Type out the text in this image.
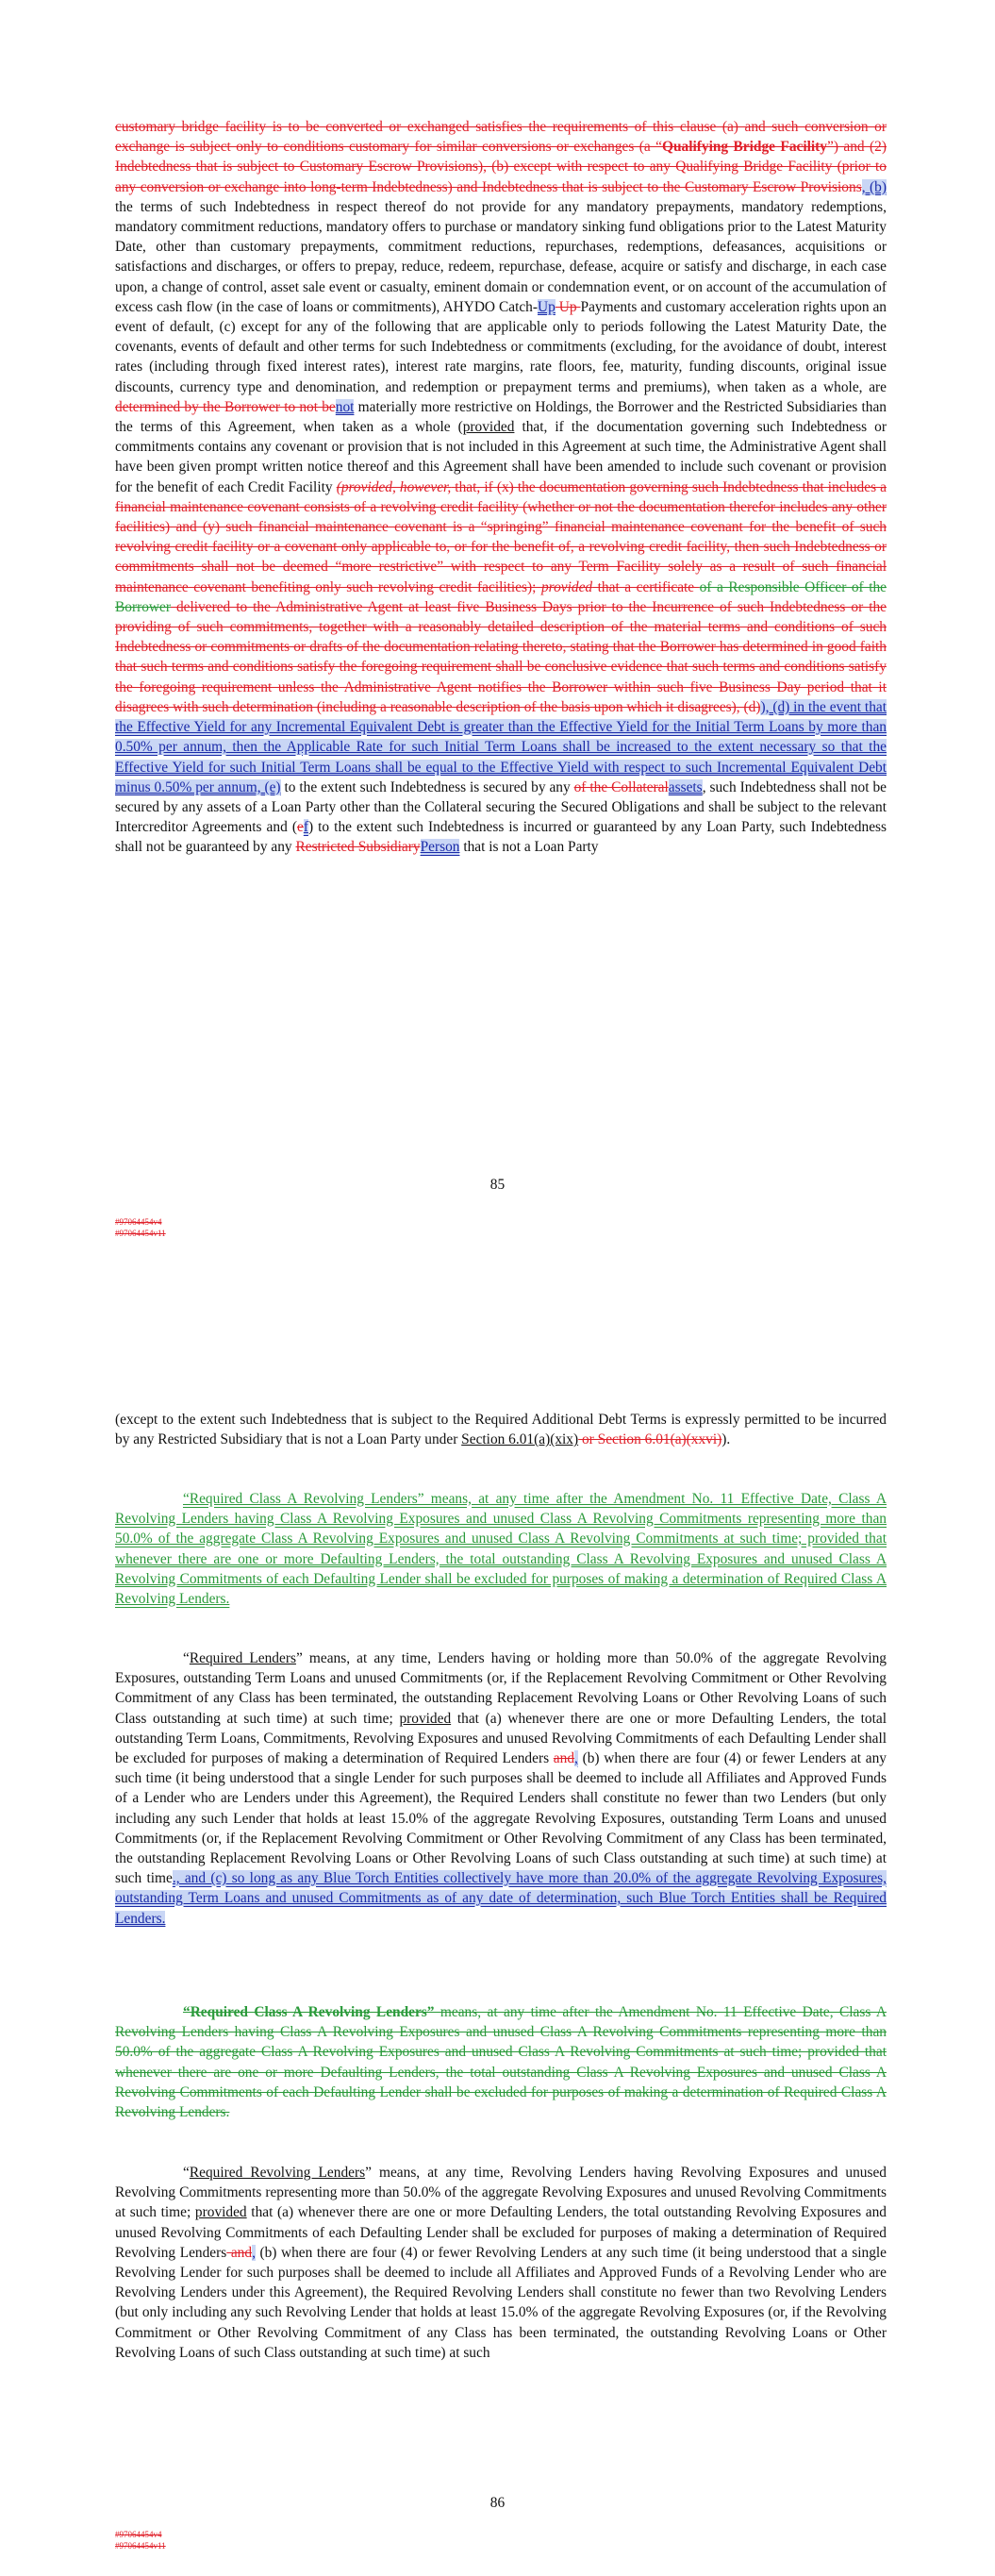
customary bridge facility is to be converted or exchanged satisfies the requirements of this clause (a) and such conversion or exchange is subject only to conditions customary for similar conversions or exchanges (a “Qualifying Bridge Facility”) and (2) Indebtedness that is subject to Customary Escrow Provisions), (b) except with respect to any Qualifying Bridge Facility (prior to any conversion or exchange into long-term Indebtedness) and Indebtedness that is subject to the Customary Escrow Provisions, (b) the terms of such Indebtedness in respect thereof do not provide for any mandatory prepayments, mandatory redemptions, mandatory commitment reductions, mandatory offers to purchase or mandatory sinking fund obligations prior to the Latest Maturity Date, other than customary prepayments, commitment reductions, repurchases, redemptions, defeasances, acquisitions or satisfactions and discharges, or offers to prepay, reduce, redeem, repurchase, defease, acquire or satisfy and discharge, in each case upon, a change of control, asset sale event or casualty, eminent domain or condemnation event, or on account of the accumulation of excess cash flow (in the case of loans or commitments), AHYDO Catch-Up Up Payments and customary acceleration rights upon an event of default, (c) except for any of the following that are applicable only to periods following the Latest Maturity Date, the covenants, events of default and other terms for such Indebtedness or commitments (excluding, for the avoidance of doubt, interest rates (including through fixed interest rates), interest rate margins, rate floors, fee, maturity, funding discounts, original issue discounts, currency type and denomination, and redemption or prepayment terms and premiums), when taken as a whole, are determined by the Borrower to not benot materially more restrictive on Holdings, the Borrower and the Restricted Subsidiaries than the terms of this Agreement, when taken as a whole (provided that, if the documentation governing such Indebtedness or commitments contains any covenant or provision that is not included in this Agreement at such time, the Administrative Agent shall have been given prompt written notice thereof and this Agreement shall have been amended to include such covenant or provision for the benefit of each Credit Facility (provided, however, that, if (x) the documentation governing such Indebtedness that includes a financial maintenance covenant consists of a revolving credit facility (whether or not the documentation therefor includes any other facilities) and (y) such financial maintenance covenant is a “springing” financial maintenance covenant for the benefit of such revolving credit facility or a covenant only applicable to, or for the benefit of, a revolving credit facility, then such Indebtedness or commitments shall not be deemed “more restrictive” with respect to any Term Facility solely as a result of such financial maintenance covenant benefiting only such revolving credit facilities); provided that a certificate of a Responsible Officer of the Borrower delivered to the Administrative Agent at least five Business Days prior to the Incurrence of such Indebtedness or the providing of such commitments, together with a reasonably detailed description of the material terms and conditions of such Indebtedness or commitments or drafts of the documentation relating thereto, stating that the Borrower has determined in good faith that such terms and conditions satisfy the foregoing requirement shall be conclusive evidence that such terms and conditions satisfy the foregoing requirement unless the Administrative Agent notifies the Borrower within such five Business Day period that it disagrees with such determination (including a reasonable description of the basis upon which it disagrees), (d)), (d) in the event that the Effective Yield for any Incremental Equivalent Debt is greater than the Effective Yield for the Initial Term Loans by more than 0.50% per annum, then the Applicable Rate for such Initial Term Loans shall be increased to the extent necessary so that the Effective Yield for such Initial Term Loans shall be equal to the Effective Yield with respect to such Incremental Equivalent Debt minus 0.50% per annum, (e) to the extent such Indebtedness is secured by any of the Collateralassets, such Indebtedness shall not be secured by any assets of a Loan Party other than the Collateral securing the Secured Obligations and shall be subject to the relevant Intercreditor Agreements and (ef) to the extent such Indebtedness is incurred or guaranteed by any Loan Party, such Indebtedness shall not be guaranteed by any Restricted SubsidiaryPerson that is not a Loan Party
85
#97064454v4
#97064454v11
(except to the extent such Indebtedness that is subject to the Required Additional Debt Terms is expressly permitted to be incurred by any Restricted Subsidiary that is not a Loan Party under Section 6.01(a)(xix) or Section 6.01(a)(xxvi)).
“Required Class A Revolving Lenders” means, at any time after the Amendment No. 11 Effective Date, Class A Revolving Lenders having Class A Revolving Exposures and unused Class A Revolving Commitments representing more than 50.0% of the aggregate Class A Revolving Exposures and unused Class A Revolving Commitments at such time; provided that whenever there are one or more Defaulting Lenders, the total outstanding Class A Revolving Exposures and unused Class A Revolving Commitments of each Defaulting Lender shall be excluded for purposes of making a determination of Required Class A Revolving Lenders.
“Required Lenders” means, at any time, Lenders having or holding more than 50.0% of the aggregate Revolving Exposures, outstanding Term Loans and unused Commitments (or, if the Replacement Revolving Commitment or Other Revolving Commitment of any Class has been terminated, the outstanding Replacement Revolving Loans or Other Revolving Loans of such Class outstanding at such time) at such time; provided that (a) whenever there are one or more Defaulting Lenders, the total outstanding Term Loans, Commitments, Revolving Exposures and unused Revolving Commitments of each Defaulting Lender shall be excluded for purposes of making a determination of Required Lenders and, (b) when there are four (4) or fewer Lenders at any such time (it being understood that a single Lender for such purposes shall be deemed to include all Affiliates and Approved Funds of a Lender who are Lenders under this Agreement), the Required Lenders shall constitute no fewer than two Lenders (but only including any such Lender that holds at least 15.0% of the aggregate Revolving Exposures, outstanding Term Loans and unused Commitments (or, if the Replacement Revolving Commitment or Other Revolving Commitment of any Class has been terminated, the outstanding Replacement Revolving Loans or Other Revolving Loans of such Class outstanding at such time) at such time) at such time., and (c) so long as any Blue Torch Entities collectively have more than 20.0% of the aggregate Revolving Exposures, outstanding Term Loans and unused Commitments as of any date of determination, such Blue Torch Entities shall be Required Lenders.
“Required Class A Revolving Lenders” means, at any time after the Amendment No. 11 Effective Date, Class A Revolving Lenders having Class A Revolving Exposures and unused Class A Revolving Commitments representing more than 50.0% of the aggregate Class A Revolving Exposures and unused Class A Revolving Commitments at such time; provided that whenever there are one or more Defaulting Lenders, the total outstanding Class A Revolving Exposures and unused Class A Revolving Commitments of each Defaulting Lender shall be excluded for purposes of making a determination of Required Class A Revolving Lenders.
“Required Revolving Lenders” means, at any time, Revolving Lenders having Revolving Exposures and unused Revolving Commitments representing more than 50.0% of the aggregate Revolving Exposures and unused Revolving Commitments at such time; provided that (a) whenever there are one or more Defaulting Lenders, the total outstanding Revolving Exposures and unused Revolving Commitments of each Defaulting Lender shall be excluded for purposes of making a determination of Required Revolving Lenders and, (b) when there are four (4) or fewer Revolving Lenders at any such time (it being understood that a single Revolving Lender for such purposes shall be deemed to include all Affiliates and Approved Funds of a Revolving Lender who are Revolving Lenders under this Agreement), the Required Revolving Lenders shall constitute no fewer than two Revolving Lenders (but only including any such Revolving Lender that holds at least 15.0% of the aggregate Revolving Exposures (or, if the Revolving Commitment or Other Revolving Commitment of any Class has been terminated, the outstanding Revolving Loans or Other Revolving Loans of such Class outstanding at such time) at such
86
#97064454v4
#97064454v11
